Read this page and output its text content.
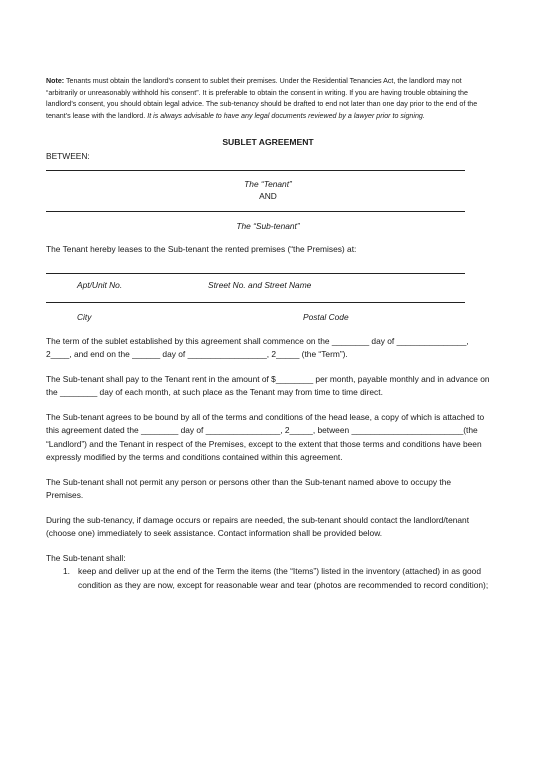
Note: Tenants must obtain the landlord’s consent to sublet their premises. Under the Residential Tenancies Act, the landlord may not “arbitrarily or unreasonably withhold his consent”. It is preferable to obtain the consent in writing. If you are having trouble obtaining the landlord’s consent, you should obtain legal advice. The sub-tenancy should be drafted to end not later than one day prior to the end of the tenant’s lease with the landlord. It is always advisable to have any legal documents reviewed by a lawyer prior to signing.

SUBLET AGREEMENT
BETWEEN:
The “Tenant”
AND
The “Sub-tenant”

The Tenant hereby leases to the Sub-tenant the rented premises (“the Premises) at:

Apt/Unit No.	Street No. and Street Name
City	Postal Code

The term of the sublet established by this agreement shall commence on the ________ day of _______________, 2____, and end on the ______ day of _________________, 2_____ (the “Term”).

The Sub-tenant shall pay to the Tenant rent in the amount of $________ per month, payable monthly and in advance on the ________ day of each month, at such place as the Tenant may from time to time direct.

The Sub-tenant agrees to be bound by all of the terms and conditions of the head lease, a copy of which is attached to this agreement dated the ________ day of ________________, 2_____, between ________________________(the “Landlord”) and the Tenant in respect of the Premises, except to the extent that those terms and conditions have been expressly modified by the terms and conditions contained within this agreement.

The Sub-tenant shall not permit any person or persons other than the Sub-tenant named above to occupy the Premises.

During the sub-tenancy, if damage occurs or repairs are needed, the sub-tenant should contact the landlord/tenant (choose one) immediately to seek assistance. Contact information shall be provided below.

The Sub-tenant shall:

1. keep and deliver up at the end of the Term the items (the “Items”) listed in the inventory (attached) in as good condition as they are now, except for reasonable wear and tear (photos are recommended to record condition);
